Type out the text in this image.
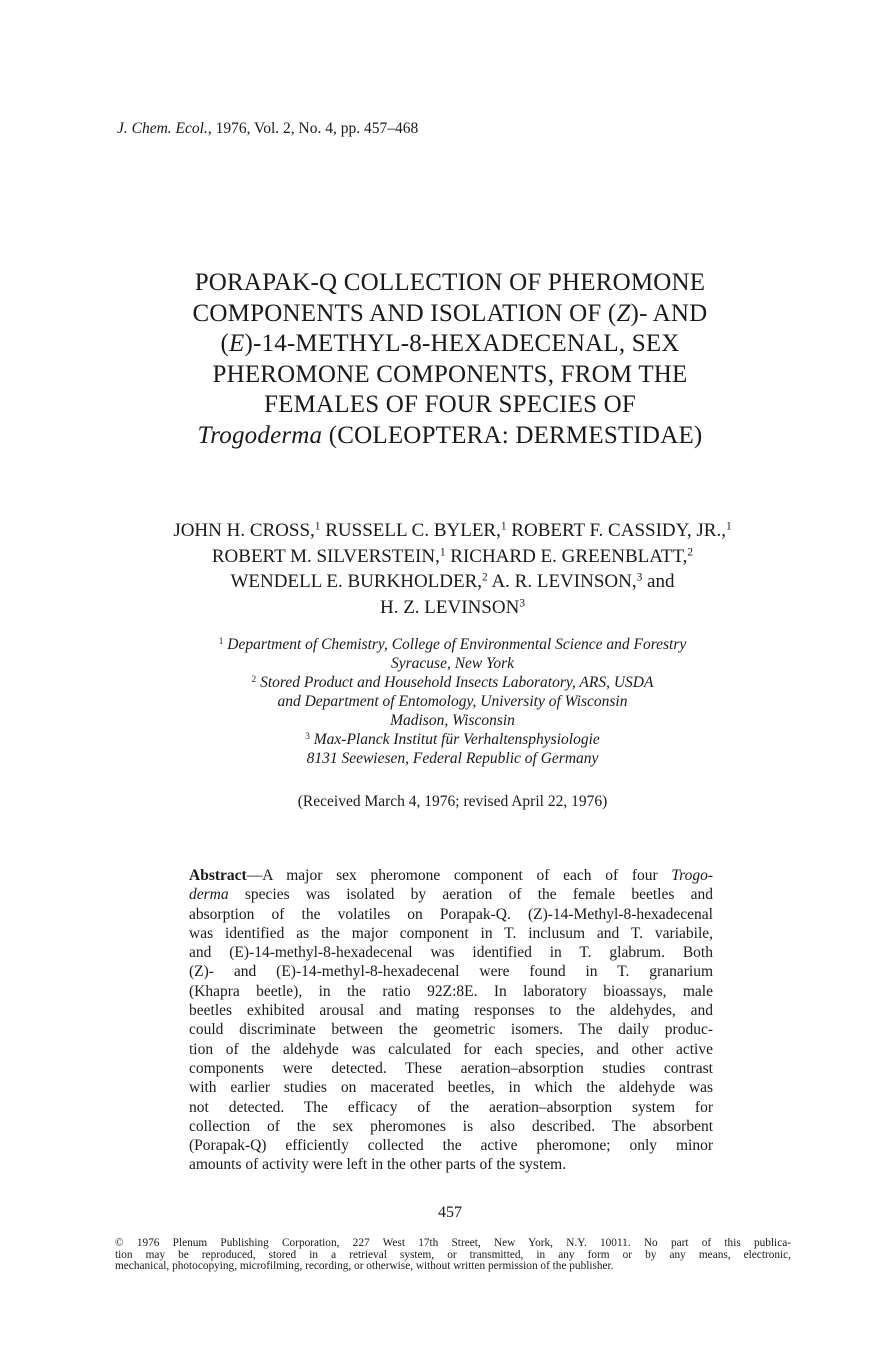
J. Chem. Ecol., 1976, Vol. 2, No. 4, pp. 457–468
PORAPAK-Q COLLECTION OF PHEROMONE
COMPONENTS AND ISOLATION OF (Z)- AND
(E)-14-METHYL-8-HEXADECENAL, SEX
PHEROMONE COMPONENTS, FROM THE
FEMALES OF FOUR SPECIES OF
Trogoderma (COLEOPTERA: DERMESTIDAE)
JOHN H. CROSS,$^1$ RUSSELL C. BYLER,$^1$ ROBERT F. CASSIDY, JR.,$^1$
ROBERT M. SILVERSTEIN,$^1$ RICHARD E. GREENBLATT,$^2$
WENDELL E. BURKHOLDER,$^2$ A. R. LEVINSON,$^3$ and
H. Z. LEVINSON$^3$
$^1$ Department of Chemistry, College of Environmental Science and Forestry
Syracuse, New York
$^2$ Stored Product and Household Insects Laboratory, ARS, USDA
and Department of Entomology, University of Wisconsin
Madison, Wisconsin
$^3$ Max-Planck Institut für Verhaltensphysiologie
8131 Seewiesen, Federal Republic of Germany
(Received March 4, 1976; revised April 22, 1976)
Abstract—A major sex pheromone component of each of four Trogo-
derma species was isolated by aeration of the female beetles and
absorption of the volatiles on Porapak-Q. (Z)-14-Methyl-8-hexadecenal
was identified as the major component in T. inclusum and T. variabile,
and (E)-14-methyl-8-hexadecenal was identified in T. glabrum. Both
(Z)- and (E)-14-methyl-8-hexadecenal were found in T. granarium
(Khapra beetle), in the ratio 92Z:8E. In laboratory bioassays, male
beetles exhibited arousal and mating responses to the aldehydes, and
could discriminate between the geometric isomers. The daily produc-
tion of the aldehyde was calculated for each species, and other active
components were detected. These aeration–absorption studies contrast
with earlier studies on macerated beetles, in which the aldehyde was
not detected. The efficacy of the aeration–absorption system for
collection of the sex pheromones is also described. The absorbent
(Porapak-Q) efficiently collected the active pheromone; only minor
amounts of activity were left in the other parts of the system.
457
© 1976 Plenum Publishing Corporation, 227 West 17th Street, New York, N.Y. 10011. No part of this publica-
tion may be reproduced, stored in a retrieval system, or transmitted, in any form or by any means, electronic,
mechanical, photocopying, microfilming, recording, or otherwise, without written permission of the publisher.
